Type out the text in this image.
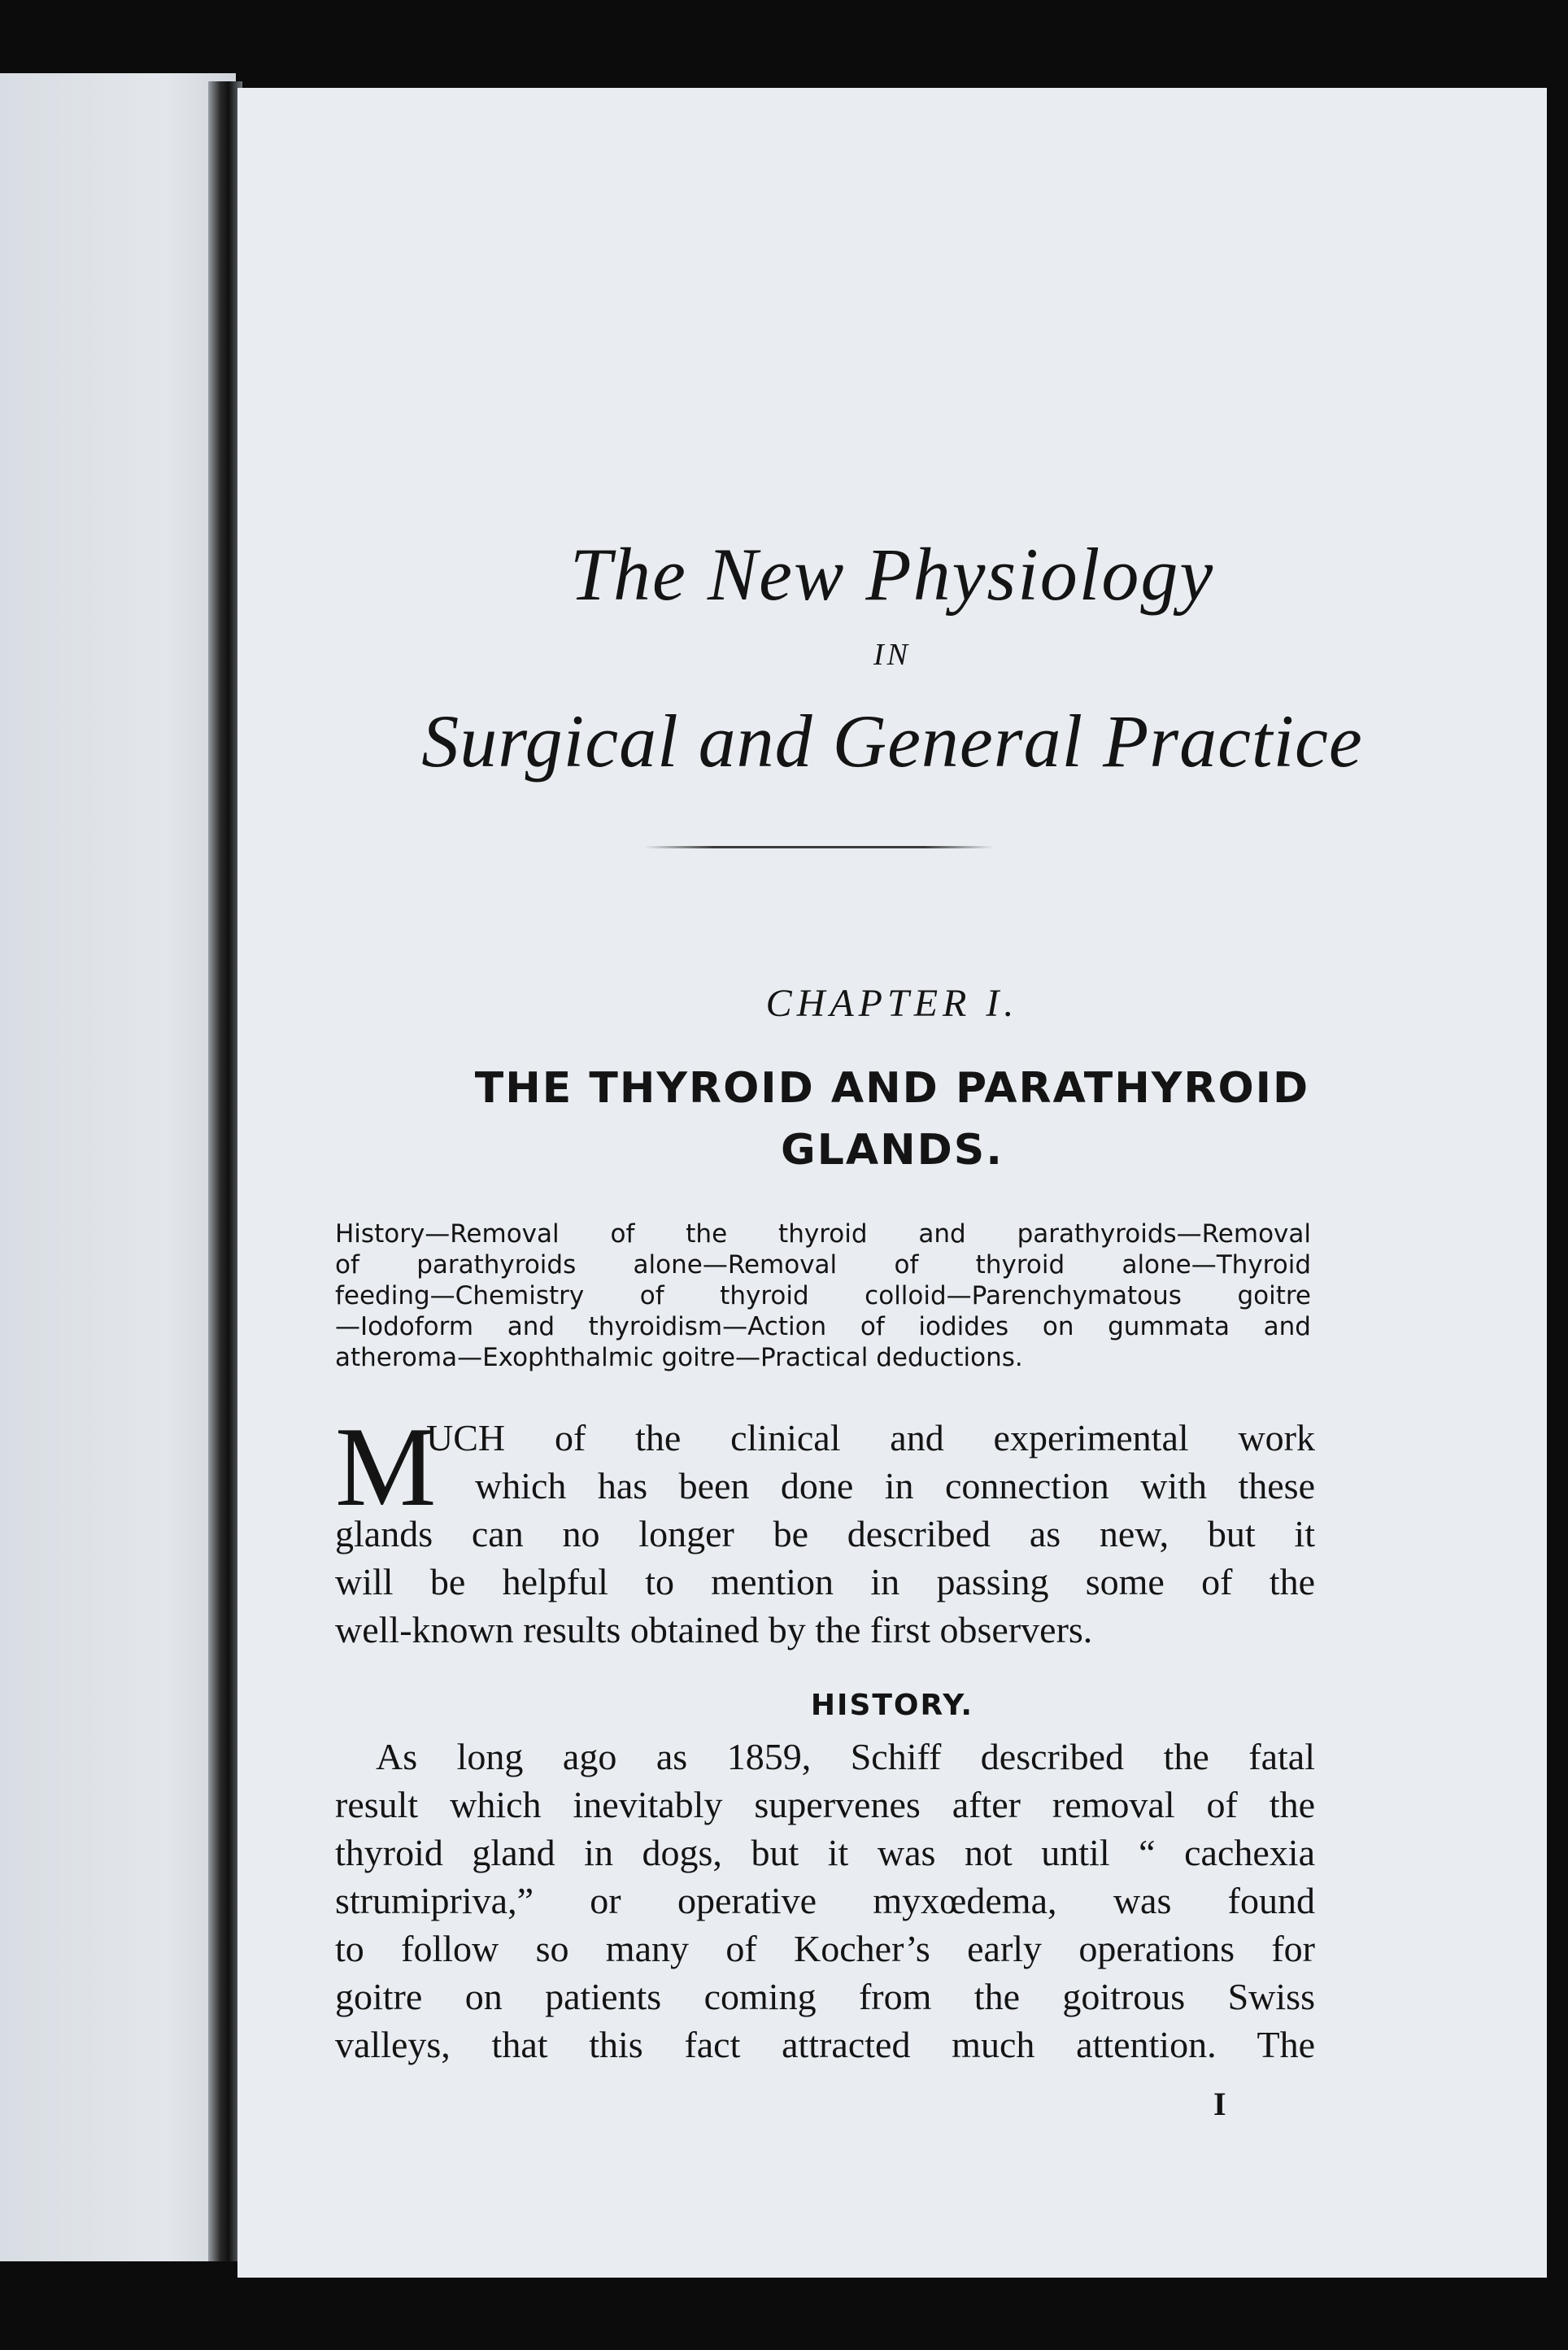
The New Physiology
IN
Surgical and General Practice
CHAPTER I.
THE THYROID AND PARATHYROID
GLANDS.
History—Removal of the thyroid and parathyroids—Removal
of parathyroids alone—Removal of thyroid alone—Thyroid
feeding—Chemistry of thyroid colloid—Parenchymatous goitre
—Iodoform and thyroidism—Action of iodides on gummata and
atheroma—Exophthalmic goitre—Practical deductions.
M
UCH of the clinical and experimental work
which has been done in connection with these
glands can no longer be described as new, but it
will be helpful to mention in passing some of the
well-known results obtained by the first observers.
HISTORY.
As long ago as 1859, Schiff described the fatal
result which inevitably supervenes after removal of the
thyroid gland in dogs, but it was not until “ cachexia
strumipriva,” or operative myxœdema, was found
to follow so many of Kocher’s early operations for
goitre on patients coming from the goitrous Swiss
valleys, that this fact attracted much attention. The
I
